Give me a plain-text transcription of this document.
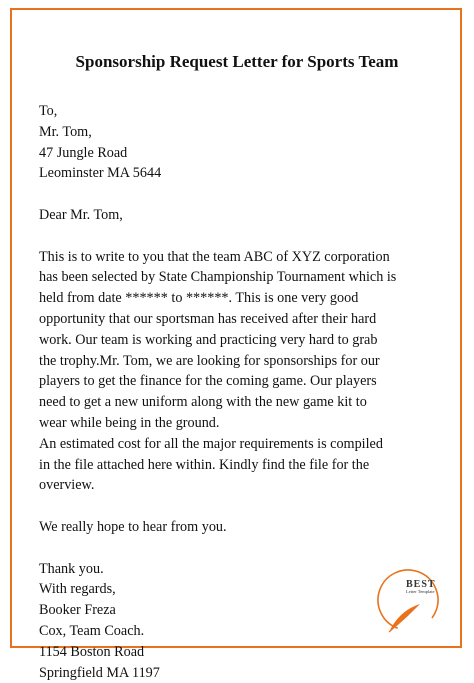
Sponsorship Request Letter for Sports Team
To,
Mr. Tom,
47 Jungle Road
Leominster MA 5644
Dear Mr. Tom,
This is to write to you that the team ABC of XYZ corporation
has been selected by State Championship Tournament which is
held from date ****** to ******. This is one very good
opportunity that our sportsman has received after their hard
work. Our team is working and practicing very hard to grab
the trophy.Mr. Tom, we are looking for sponsorships for our
players to get the finance for the coming game. Our players
need to get a new uniform along with the new game kit to
wear while being in the ground.
An estimated cost for all the major requirements is compiled
in the file attached here within. Kindly find the file for the
overview.
We really hope to hear from you.
Thank you.
With regards,
Booker Freza
Cox, Team Coach.
1154 Boston Road
Springfield MA 1197
BEST
Letter Template
